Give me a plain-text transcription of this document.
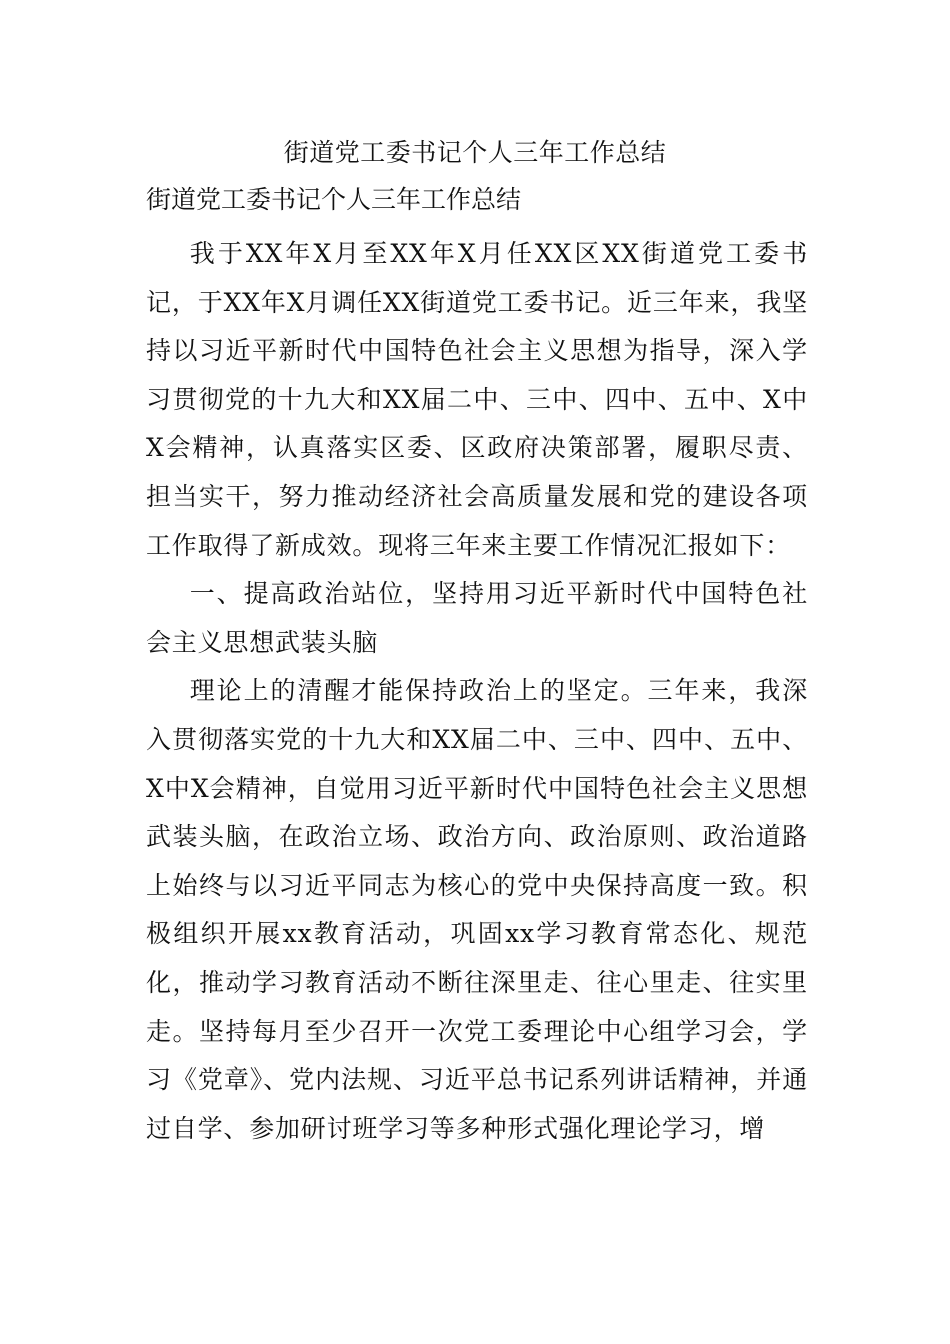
街道党工委书记个人三年工作总结
街道党工委书记个人三年工作总结

我于XX年X月至XX年X月任XX区XX街道党工委书记，于XX年X月调任XX街道党工委书记。近三年来，我坚持以习近平新时代中国特色社会主义思想为指导，深入学习贯彻党的十九大和XX届二中、三中、四中、五中、X中X会精神，认真落实区委、区政府决策部署，履职尽责、担当实干，努力推动经济社会高质量发展和党的建设各项工作取得了新成效。现将三年来主要工作情况汇报如下：

一、提高政治站位，坚持用习近平新时代中国特色社会主义思想武装头脑

理论上的清醒才能保持政治上的坚定。三年来，我深入贯彻落实党的十九大和XX届二中、三中、四中、五中、X中X会精神，自觉用习近平新时代中国特色社会主义思想武装头脑，在政治立场、政治方向、政治原则、政治道路上始终与以习近平同志为核心的党中央保持高度一致。积极组织开展xx教育活动，巩固xx学习教育常态化、规范化，推动学习教育活动不断往深里走、往心里走、往实里走。坚持每月至少召开一次党工委理论中心组学习会，学习《党章》、党内法规、习近平总书记系列讲话精神，并通过自学、参加研讨班学习等多种形式强化理论学习，增
